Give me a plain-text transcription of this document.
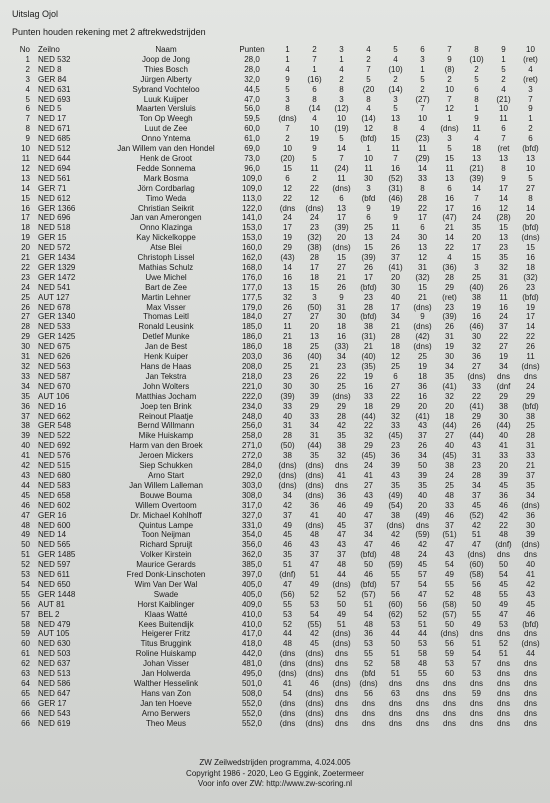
Uitslag Ojol
Punten houden rekening met 2 aftrekwedstrijden
No	Zeilno	Naam	Punten	1	2	3	4	5	6	7	8	9	10
1	NED 532	Joop de Jong	28,0	1	7	1	2	4	3	9	(10)	1	(ret)
2	NED 8	Thies Bosch	28,0	4	1	4	7	(10)	1	(8)	2	5	4
3	GER 84	Jürgen Alberty	32,0	9	(16)	2	5	2	5	2	5	2	(ret)
4	NED 631	Sybrand Vochteloo	44,5	5	6	8	(20	(14)	2	10	6	4	3
5	NED 693	Luuk Kuijper	47,0	3	8	3	8	3	(27)	7	8	(21)	7
6	NED 5	Maarten Versluis	56,0	8	(14	(12)	4	5	7	12	1	10	9
7	NED 17	Ton Op Weegh	59,5	(dns)	4	10	(14)	13	10	1	9	11	1
8	NED 671	Luut de Zee	60,0	7	10	(19)	12	8	4	(dns)	11	6	2
9	NED 685	Onno Yntema	61,0	2	19	5	(bfd)	15	(23)	3	4	7	6
10	NED 512	Jan Willem van den Hondel	69,0	10	9	14	1	11	11	5	18	(ret	(bfd)
11	NED 644	Henk de Groot	73,0	(20)	5	7	10	7	(29)	15	13	13	13
12	NED 694	Fedde Sonnema	96,0	15	11	(24)	11	16	14	11	(21)	8	10
13	NED 561	Mark Bosma	109,0	6	2	11	30	(52)	33	13	(39)	9	5
14	GER 71	Jörn Cordbarlag	109,0	12	22	(dns)	3	(31)	8	6	14	17	27
15	NED 612	Timo Weda	113,0	22	12	6	(bfd	(46)	28	16	7	14	8
16	GER 1366	Christian Seikrit	122,0	(dns	(dns)	13	9	19	22	17	16	12	14
17	NED 696	Jan van Amerongen	141,0	24	24	17	6	9	17	(47)	24	(28)	20
18	NED 518	Onno Klazinga	153,0	17	23	(39)	25	11	6	21	35	15	(bfd)
19	GER 15	Kay Nickelkoppe	153,0	19	(32)	20	13	24	30	14	20	13	(dns)
20	NED 572	Atse Blei	160,0	29	(38)	(dns)	15	26	13	22	17	23	15
21	GER 1434	Christoph Lissel	162,0	(43)	28	15	(39)	37	12	4	15	35	16
22	GER 1329	Mathias Schulz	168,0	14	17	27	26	(41)	31	(36)	3	32	18
23	GER 1472	Uwe Michel	176,0	16	18	21	17	20	(32)	28	25	31	(32)
24	NED 541	Bart de Zee	177,0	13	15	26	(bfd)	30	15	29	(40)	26	23
25	AUT 127	Martin Lehner	177,5	32	3	9	23	40	21	(ret)	38	11	(bfd)
26	NED 678	Max Visser	179,0	26	(50)	31	28	17	(dns)	23	19	16	19
27	GER 1340	Thomas Leitl	184,0	27	27	30	(bfd)	34	9	(39)	16	24	17
28	NED 533	Ronald Leusink	185,0	11	20	18	38	21	(dns)	26	(46)	37	14
29	GER 1425	Detlef Munke	186,0	21	13	16	(31)	28	(42)	31	30	22	22
30	NED 675	Jan de Best	186,0	18	25	(33)	21	18	(dns)	19	32	27	26
31	NED 626	Henk Kuiper	203,0	36	(40)	34	(40)	12	25	30	36	19	11
32	NED 563	Hans de Haas	208,0	25	21	23	(35)	25	19	34	27	34	(dns)
33	NED 587	Jan Tekstra	218,0	23	26	22	19	6	18	35	(dns)	dns	dns
34	NED 670	John Wolters	221,0	30	30	25	16	27	36	(41)	33	(dnf	24
35	AUT 106	Matthias Jocham	222,0	(39)	39	(dns)	33	22	16	32	22	29	29
36	NED 16	Joep ten Brink	234,0	33	29	29	18	29	20	20	(41)	38	(bfd)
37	NED 662	Reinout Plaatje	248,0	40	33	28	(44)	32	(41)	18	29	30	38
38	GER 548	Bernd Willmann	256,0	31	34	42	22	33	43	(44)	26	(44)	25
39	NED 522	Mike Huiskamp	258,0	28	31	35	32	(45)	37	27	(44)	40	28
40	NED 692	Harm van den Broek	271,0	(50)	(44)	38	29	23	26	40	43	41	31
41	NED 576	Jeroen Mickers	272,0	38	35	32	(45)	36	34	(45)	31	33	33
42	NED 515	Siep Schukken	284,0	(dns)	(dns)	dns	24	39	50	38	23	20	21
43	NED 680	Arno Start	292,0	(dns)	(dns)	41	41	43	39	24	28	39	37
44	NED 583	Jan Willem Lalleman	303,0	(dns)	(dns)	dns	27	35	35	25	34	45	35
45	NED 658	Bouwe Bouma	308,0	34	(dns)	36	43	(49)	40	48	37	36	34
46	NED 602	Willem Overtoom	317,0	42	36	46	49	(54)	20	33	45	46	(dns)
47	GER 16	Dr. Michael Kohlhoff	327,0	37	41	40	47	38	(49)	46	(52)	42	36
48	NED 600	Quintus Lampe	331,0	49	(dns)	45	37	(dns)	dns	37	42	22	30
49	NED 14	Toon Neijman	354,0	45	48	47	34	42	(59)	(51)	51	48	39
50	NED 565	Richard Spruijt	356,0	46	43	43	47	46	42	47	47	(dnf)	(dns)
51	GER 1485	Volker Kirstein	362,0	35	37	37	(bfd)	48	24	43	(dns)	dns	dns
52	NED 597	Maurice Gerards	385,0	51	47	48	50	(59)	45	54	(60)	50	40
53	NED 611	Fred Donk-Linschoten	397,0	(dnf)	51	44	46	55	57	49	(58)	54	41
54	NED 650	Wim Van Der Wal	405,0	47	49	(dns)	(bfd)	57	54	55	56	45	42
55	GER 1448	Swade	405,0	(56)	52	52	(57)	56	47	52	48	55	43
56	AUT 81	Horst Kaiblinger	409,0	55	53	50	51	(60)	56	(58)	50	49	45
57	BEL 2	Klaas Watté	410,0	53	54	49	54	(62)	52	(57)	55	47	46
58	NED 479	Kees Buitendijk	410,0	52	(55)	51	48	53	51	50	49	53	(bfd)
59	AUT 105	Heigerer Fritz	417,0	44	42	(dns)	36	44	44	(dns)	dns	dns	dns
60	NED 630	Titus Bruggink	418,0	48	45	(dns)	53	50	53	56	51	52	(dns)
61	NED 503	Roline Huiskamp	442,0	(dns	(dns)	dns	55	51	58	59	54	51	44
62	NED 637	Johan Visser	481,0	(dns	(dns)	dns	52	58	48	53	57	dns	dns
63	NED 513	Jan Holwerda	495,0	(dns)	(dns)	dns	(bfd	51	55	60	53	dns	dns
64	NED 586	Walther Hesselink	501,0	41	46	(dns)	(dns)	dns	dns	dns	dns	dns	dns
65	NED 647	Hans van Zon	508,0	54	(dns)	dns	56	63	dns	dns	59	dns	dns
66	GER 17	Jan ten Hoeve	552,0	(dns	(dns)	dns	dns	dns	dns	dns	dns	dns	dns
66	NED 543	Arno Berwers	552,0	(dns	(dns)	dns	dns	dns	dns	dns	dns	dns	dns
66	NED 619	Theo Meus	552,0	(dns	(dns)	dns	dns	dns	dns	dns	dns	dns	dns
ZW Zeilwedstrijden programma, 4.024.005
Copyright 1986 - 2020, Leo G Eggink, Zoetermeer
Voor info over ZW: http://www.zw-scoring.nl
